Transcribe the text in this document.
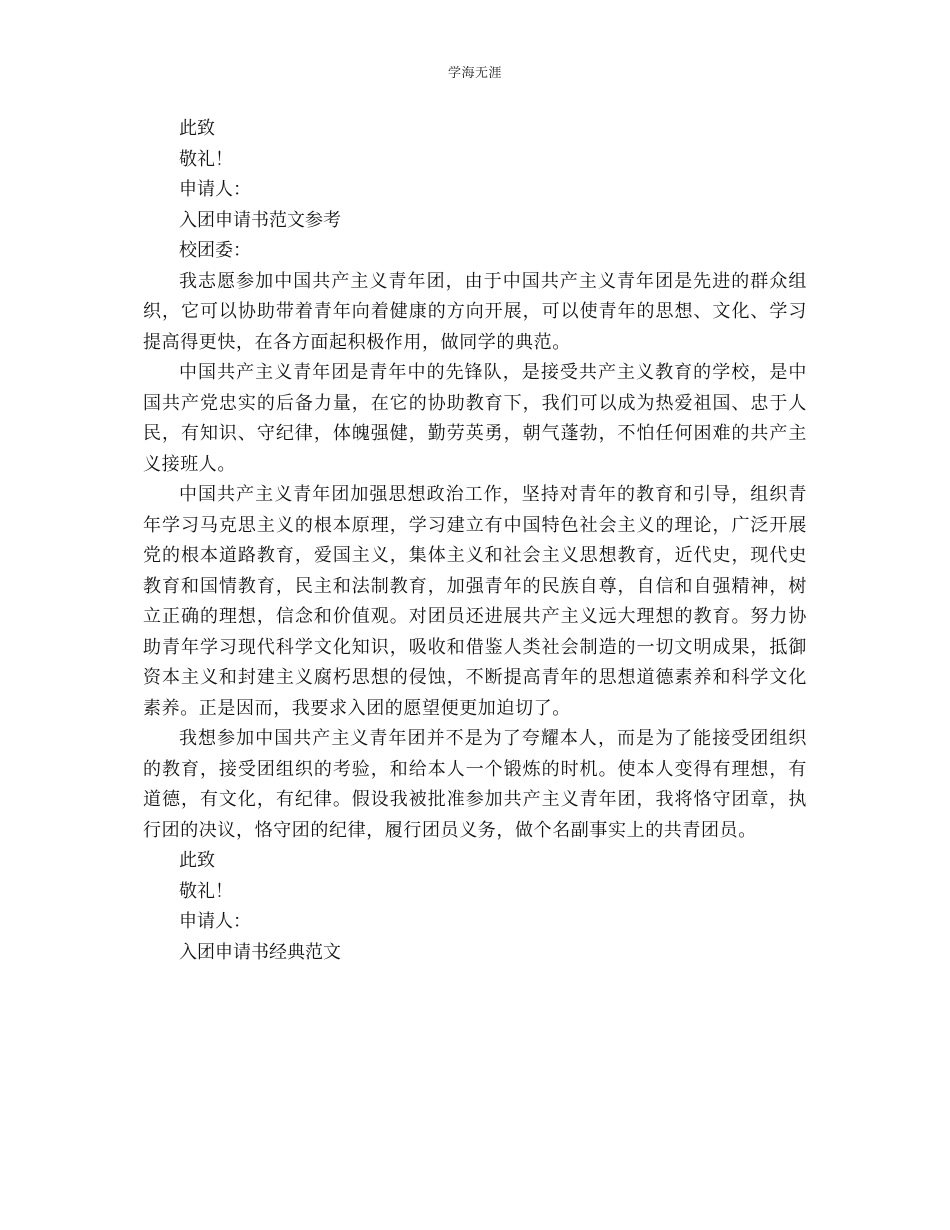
学海无涯

此致

敬礼！

申请人：

入团申请书范文参考

校团委：

我志愿参加中国共产主义青年团，由于中国共产主义青年团是先进的群众组织，它可以协助带着青年向着健康的方向开展，可以使青年的思想、文化、学习提高得更快，在各方面起积极作用，做同学的典范。

中国共产主义青年团是青年中的先锋队，是接受共产主义教育的学校，是中国共产党忠实的后备力量，在它的协助教育下，我们可以成为热爱祖国、忠于人民，有知识、守纪律，体魄强健，勤劳英勇，朝气蓬勃，不怕任何困难的共产主义接班人。

中国共产主义青年团加强思想政治工作，坚持对青年的教育和引导，组织青年学习马克思主义的根本原理，学习建立有中国特色社会主义的理论，广泛开展党的根本道路教育，爱国主义，集体主义和社会主义思想教育，近代史，现代史教育和国情教育，民主和法制教育，加强青年的民族自尊，自信和自强精神，树立正确的理想，信念和价值观。对团员还进展共产主义远大理想的教育。努力协助青年学习现代科学文化知识，吸收和借鉴人类社会制造的一切文明成果，抵御资本主义和封建主义腐朽思想的侵蚀，不断提高青年的思想道德素养和科学文化素养。正是因而，我要求入团的愿望便更加迫切了。

我想参加中国共产主义青年团并不是为了夸耀本人，而是为了能接受团组织的教育，接受团组织的考验，和给本人一个锻炼的时机。使本人变得有理想，有道德，有文化，有纪律。假设我被批准参加共产主义青年团，我将恪守团章，执行团的决议，恪守团的纪律，履行团员义务，做个名副事实上的共青团员。

此致

敬礼！

申请人：

入团申请书经典范文
